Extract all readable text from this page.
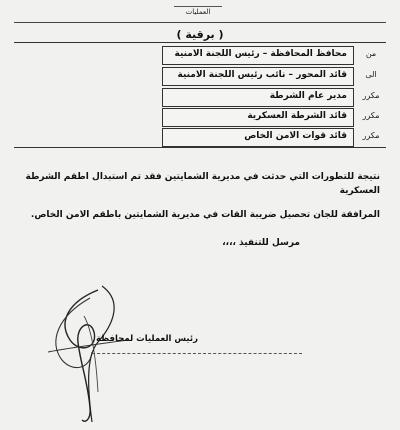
العمليات
( برقية )
من
محافظ المحافظة – رئيس اللجنة الامنية
الى
قائد المحور – نائب رئيس اللجنة الامنية
مكرر
مدير عام الشرطة
مكرر
قائد الشرطة العسكرية
مكرر
قائد قوات الامن الخاص

نتيجة للتطورات التي حدثت في مديرية الشمايتين فقد تم استبدال اطقم الشرطة العسكرية

المرافقة للجان تحصيل ضريبة القات في مديرية الشمايتين باطقم الامن الخاص.

مرسل للتنفيذ ،،،،
رئيس العمليات لمحافظة
